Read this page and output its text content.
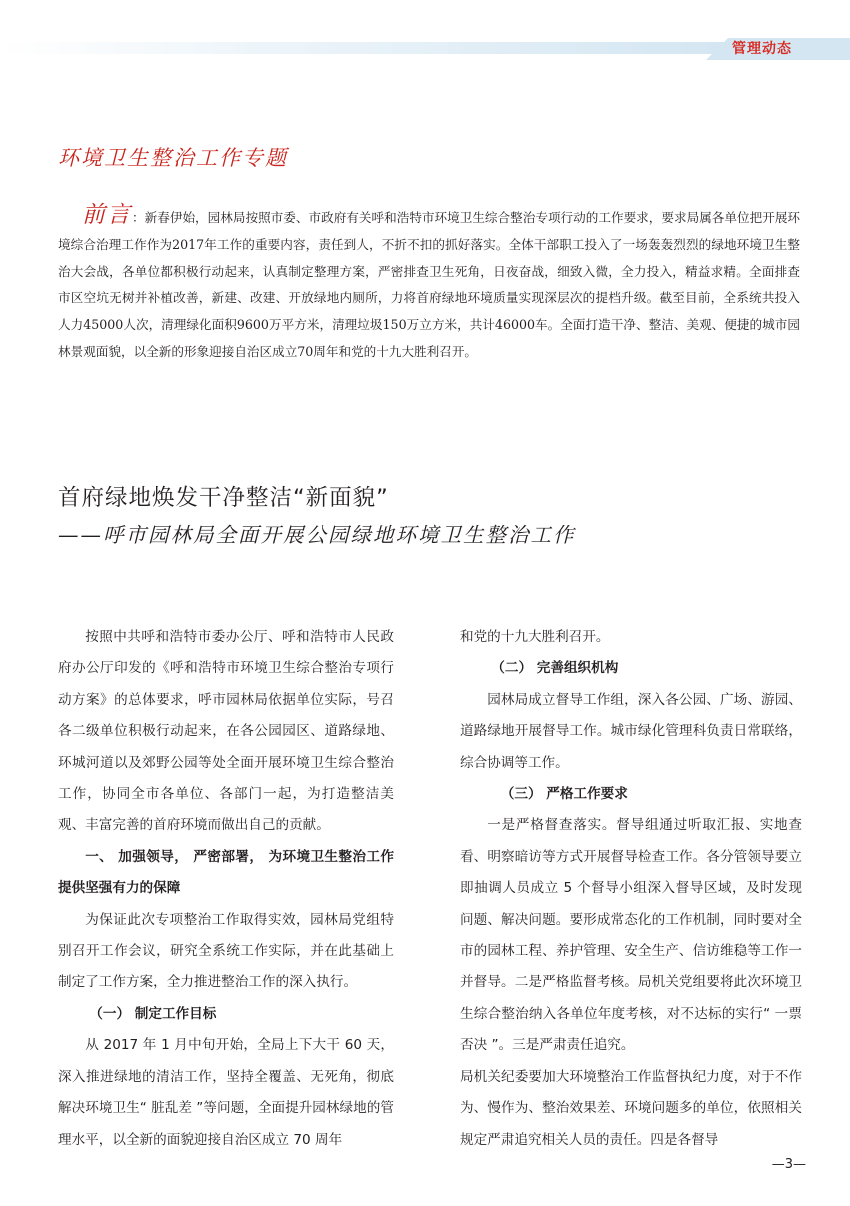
管理动态
环境卫生整治工作专题
前言：新春伊始，园林局按照市委、市政府有关呼和浩特市环境卫生综合整治专项行动的工作要求，要求局属各单位把开展环境综合治理工作作为2017年工作的重要内容，责任到人，不折不扣的抓好落实。全体干部职工投入了一场轰轰烈烈的绿地环境卫生整治大会战，各单位都积极行动起来，认真制定整理方案，严密排查卫生死角，日夜奋战，细致入微，全力投入，精益求精。全面排查市区空坑无树并补植改善，新建、改建、开放绿地内厕所，力将首府绿地环境质量实现深层次的提档升级。截至目前，全系统共投入人力45000人次，清理绿化面积9600万平方米，清理垃圾150万立方米，共计46000车。全面打造干净、整洁、美观、便捷的城市园林景观面貌，以全新的形象迎接自治区成立70周年和党的十九大胜利召开。
首府绿地焕发干净整洁“新面貌”
——呼市园林局全面开展公园绿地环境卫生整治工作

按照中共呼和浩特市委办公厅、呼和浩特市人民政府办公厅印发的《呼和浩特市环境卫生综合整治专项行动方案》的总体要求，呼市园林局依据单位实际，号召各二级单位积极行动起来，在各公园园区、道路绿地、环城河道以及郊野公园等处全面开展环境卫生综合整治工作，协同全市各单位、各部门一起，为打造整洁美观、丰富完善的首府环境而做出自己的贡献。

一、 加强领导， 严密部署， 为环境卫生整治工作提供坚强有力的保障

为保证此次专项整治工作取得实效，园林局党组特别召开工作会议，研究全系统工作实际，并在此基础上制定了工作方案，全力推进整治工作的深入执行。

（一） 制定工作目标

从 2017 年 1 月中旬开始，全局上下大干 60 天，深入推进绿地的清洁工作，坚持全覆盖、无死角，彻底解决环境卫生“ 脏乱差 ”等问题，全面提升园林绿地的管理水平，以全新的面貌迎接自治区成立 70 周年

和党的十九大胜利召开。

（二） 完善组织机构

园林局成立督导工作组，深入各公园、广场、游园、道路绿地开展督导工作。城市绿化管理科负责日常联络，综合协调等工作。

（三） 严格工作要求

一是严格督查落实。督导组通过听取汇报、实地查看、明察暗访等方式开展督导检查工作。各分管领导要立即抽调人员成立 5 个督导小组深入督导区域，及时发现问题、解决问题。要形成常态化的工作机制，同时要对全市的园林工程、养护管理、安全生产、信访维稳等工作一并督导。二是严格监督考核。局机关党组要将此次环境卫生综合整治纳入各单位年度考核，对不达标的实行“ 一票否决 ”。三是严肃责任追究。

局机关纪委要加大环境整治工作监督执纪力度，对于不作为、慢作为、整治效果差、环境问题多的单位，依照相关规定严肃追究相关人员的责任。四是各督导

—3—
